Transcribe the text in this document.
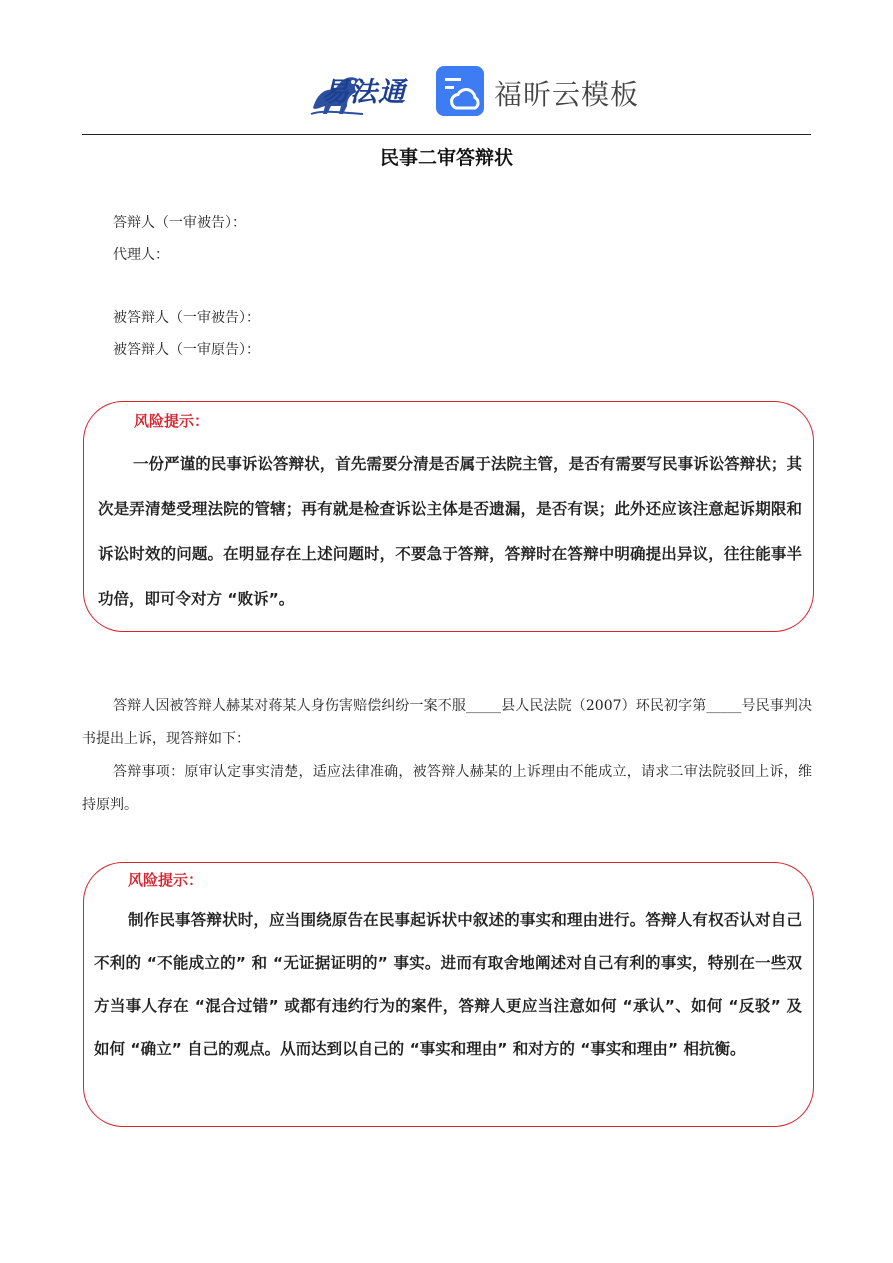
易法通	福昕云模板
民事二审答辩状
答辩人（一审被告）：
代理人：
被答辩人（一审被告）：
被答辩人（一审原告）：
风险提示：
一份严谨的民事诉讼答辩状，首先需要分清是否属于法院主管，是否有需要写民事诉讼答辩状；其次是弄清楚受理法院的管辖；再有就是检查诉讼主体是否遗漏，是否有误；此外还应该注意起诉期限和诉讼时效的问题。在明显存在上述问题时，不要急于答辩，答辩时在答辩中明确提出异议，往往能事半功倍，即可令对方 “败诉”。
答辩人因被答辩人赫某对蒋某人身伤害赔偿纠纷一案不服_____县人民法院（2007）环民初字第_____号民事判决书提出上诉，现答辩如下：
答辩事项：原审认定事实清楚，适应法律准确，被答辩人赫某的上诉理由不能成立，请求二审法院驳回上诉，维持原判。
风险提示：
制作民事答辩状时，应当围绕原告在民事起诉状中叙述的事实和理由进行。答辩人有权否认对自己不利的 “不能成立的” 和 “无证据证明的” 事实。进而有取舍地阐述对自己有利的事实，特别在一些双方当事人存在 “混合过错” 或都有违约行为的案件，答辩人更应当注意如何 “承认”、如何 “反驳” 及如何 “确立” 自己的观点。从而达到以自己的 “事实和理由” 和对方的 “事实和理由” 相抗衡。
